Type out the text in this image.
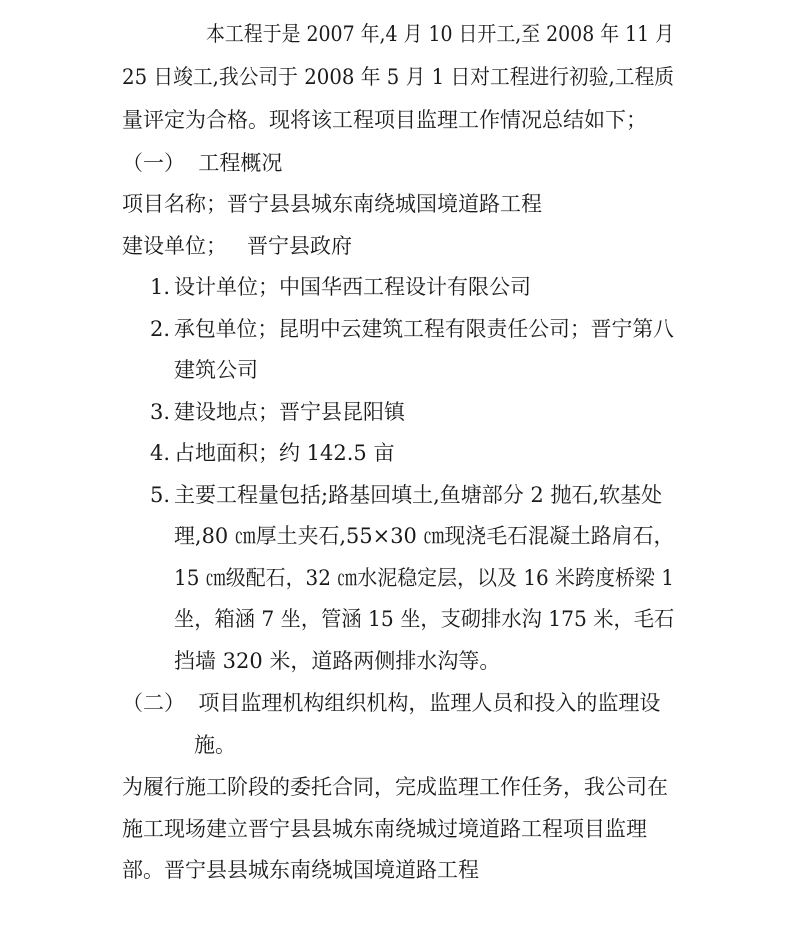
本工程于是 2007 年,4 月 10 日开工,至 2008 年 11 月
25 日竣工,我公司于 2008 年 5 月 1 日对工程进行初验,工程质
量评定为合格。现将该工程项目监理工作情况总结如下；
（一）  工程概况
项目名称；晋宁县县城东南绕城国境道路工程
建设单位；   晋宁县政府
1. 设计单位；中国华西工程设计有限公司
2. 承包单位；昆明中云建筑工程有限责任公司；晋宁第八
建筑公司
3. 建设地点；晋宁县昆阳镇
4. 占地面积；约 142.5 亩
5. 主要工程量包括;路基回填土,鱼塘部分 2 抛石,软基处
理,80 ㎝厚土夹石,55×30 ㎝现浇毛石混凝土路肩石，
15 ㎝级配石，32 ㎝水泥稳定层，以及 16 米跨度桥梁 1
坐，箱涵 7 坐，管涵 15 坐，支砌排水沟 175 米，毛石
挡墙 320 米，道路两侧排水沟等。
（二）  项目监理机构组织机构，监理人员和投入的监理设
施。
为履行施工阶段的委托合同，完成监理工作任务，我公司在
施工现场建立晋宁县县城东南绕城过境道路工程项目监理
部。晋宁县县城东南绕城国境道路工程
